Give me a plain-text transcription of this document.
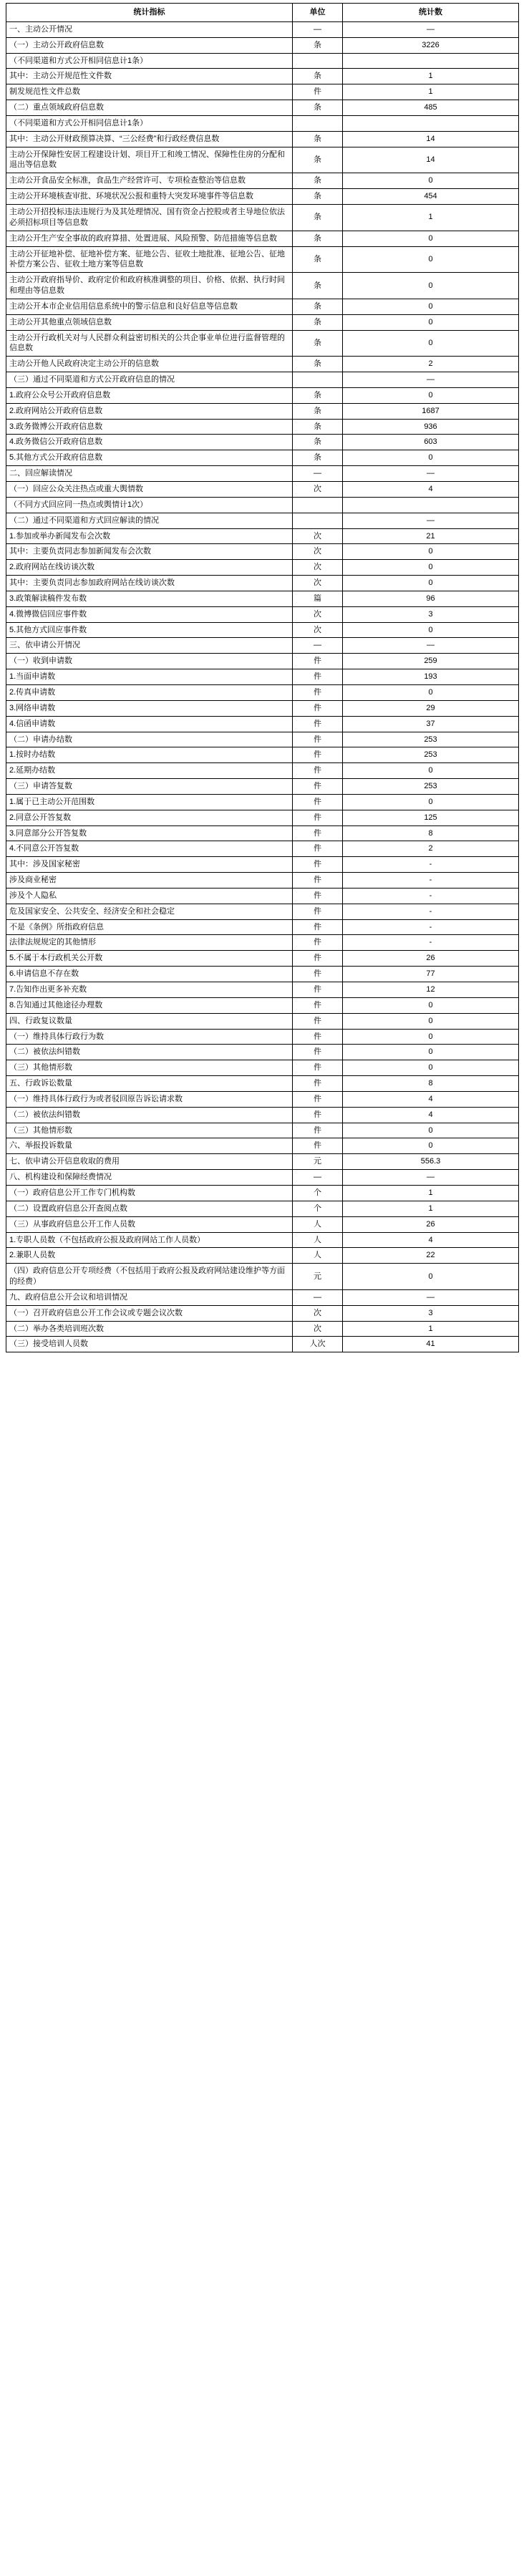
统计指标	单位	统计数
一、主动公开情况	—	—
（一）主动公开政府信息数	条	3226
（不同渠道和方式公开相同信息计1条）		
其中：主动公开规范性文件数	条	1
制发规范性文件总数	件	1
（二）重点领域政府信息数	条	485
（不同渠道和方式公开相同信息计1条）		
其中：主动公开财政预算决算、“三公经费”和行政经费信息数	条	14
主动公开保障性安居工程建设计划、项目开工和竣工情况、保障性住房的分配和退出等信息数	条	14
主动公开食品安全标准，食品生产经营许可、专项检查整治等信息数	条	0
主动公开环境核查审批、环境状况公报和重特大突发环境事件等信息数	条	454
主动公开招投标违法违规行为及其处理情况、国有资金占控股或者主导地位依法必须招标项目等信息数	条	1
主动公开生产安全事故的政府算措、处置进展、风险预警、防范措施等信息数	条	0
主动公开征地补偿、征地补偿方案、征地公告、征收土地批准、征地公告、征地补偿方案公告、征收土地方案等信息数	条	0
主动公开政府指导价、政府定价和政府核准调整的项目、价格、依据、执行时间和理由等信息数	条	0
主动公开本市企业信用信息系统中的警示信息和良好信息等信息数	条	0
主动公开其他重点领域信息数	条	0
主动公开行政机关对与人民群众利益密切相关的公共企事业单位进行监督管理的信息数	条	0
主动公开他人民政府决定主动公开的信息数	条	2
（三）通过不同渠道和方式公开政府信息的情况		—
1.政府公众号公开政府信息数	条	0
2.政府网站公开政府信息数	条	1687
3.政务微博公开政府信息数	条	936
4.政务微信公开政府信息数	条	603
5.其他方式公开政府信息数	条	0
二、回应解读情况	—	—
（一）回应公众关注热点或重大舆情数	次	4
（不同方式回应同一热点或舆情计1次）		
（二）通过不同渠道和方式回应解读的情况		—
1.参加或举办新闻发布会次数	次	21
其中：主要负责同志参加新闻发布会次数	次	0
2.政府网站在线访谈次数	次	0
其中：主要负责同志参加政府网站在线访谈次数	次	0
3.政策解读稿件发布数	篇	96
4.微博微信回应事件数	次	3
5.其他方式回应事件数	次	0
三、依申请公开情况	—	—
（一）收到申请数	件	259
1.当面申请数	件	193
2.传真申请数	件	0
3.网络申请数	件	29
4.信函申请数	件	37
（二）申请办结数	件	253
1.按时办结数	件	253
2.延期办结数	件	0
（三）申请答复数	件	253
1.属于已主动公开范围数	件	0
2.同意公开答复数	件	125
3.同意部分公开答复数	件	8
4.不同意公开答复数	件	2
其中：涉及国家秘密	件	-
涉及商业秘密	件	-
涉及个人隐私	件	-
危及国家安全、公共安全、经济安全和社会稳定	件	-
不是《条例》所指政府信息	件	-
法律法规规定的其他情形	件	-
5.不属于本行政机关公开数	件	26
6.申请信息不存在数	件	77
7.告知作出更多补充数	件	12
8.告知通过其他途径办理数	件	0
四、行政复议数量	件	0
（一）维持具体行政行为数	件	0
（二）被依法纠错数	件	0
（三）其他情形数	件	0
五、行政诉讼数量	件	8
（一）维持具体行政行为或者驳回原告诉讼请求数	件	4
（二）被依法纠错数	件	4
（三）其他情形数	件	0
六、举报投诉数量	件	0
七、依申请公开信息收取的费用	元	556.3
八、机构建设和保障经费情况	—	—
（一）政府信息公开工作专门机构数	个	1
（二）设置政府信息公开查阅点数	个	1
（三）从事政府信息公开工作人员数	人	26
1.专职人员数（不包括政府公报及政府网站工作人员数）	人	4
2.兼职人员数	人	22
（四）政府信息公开专项经费（不包括用于政府公报及政府网站建设维护等方面的经费）	元	0
九、政府信息公开会议和培训情况	—	—
（一）召开政府信息公开工作会议或专题会议次数	次	3
（二）举办各类培训班次数	次	1
（三）接受培训人员数	人次	41
